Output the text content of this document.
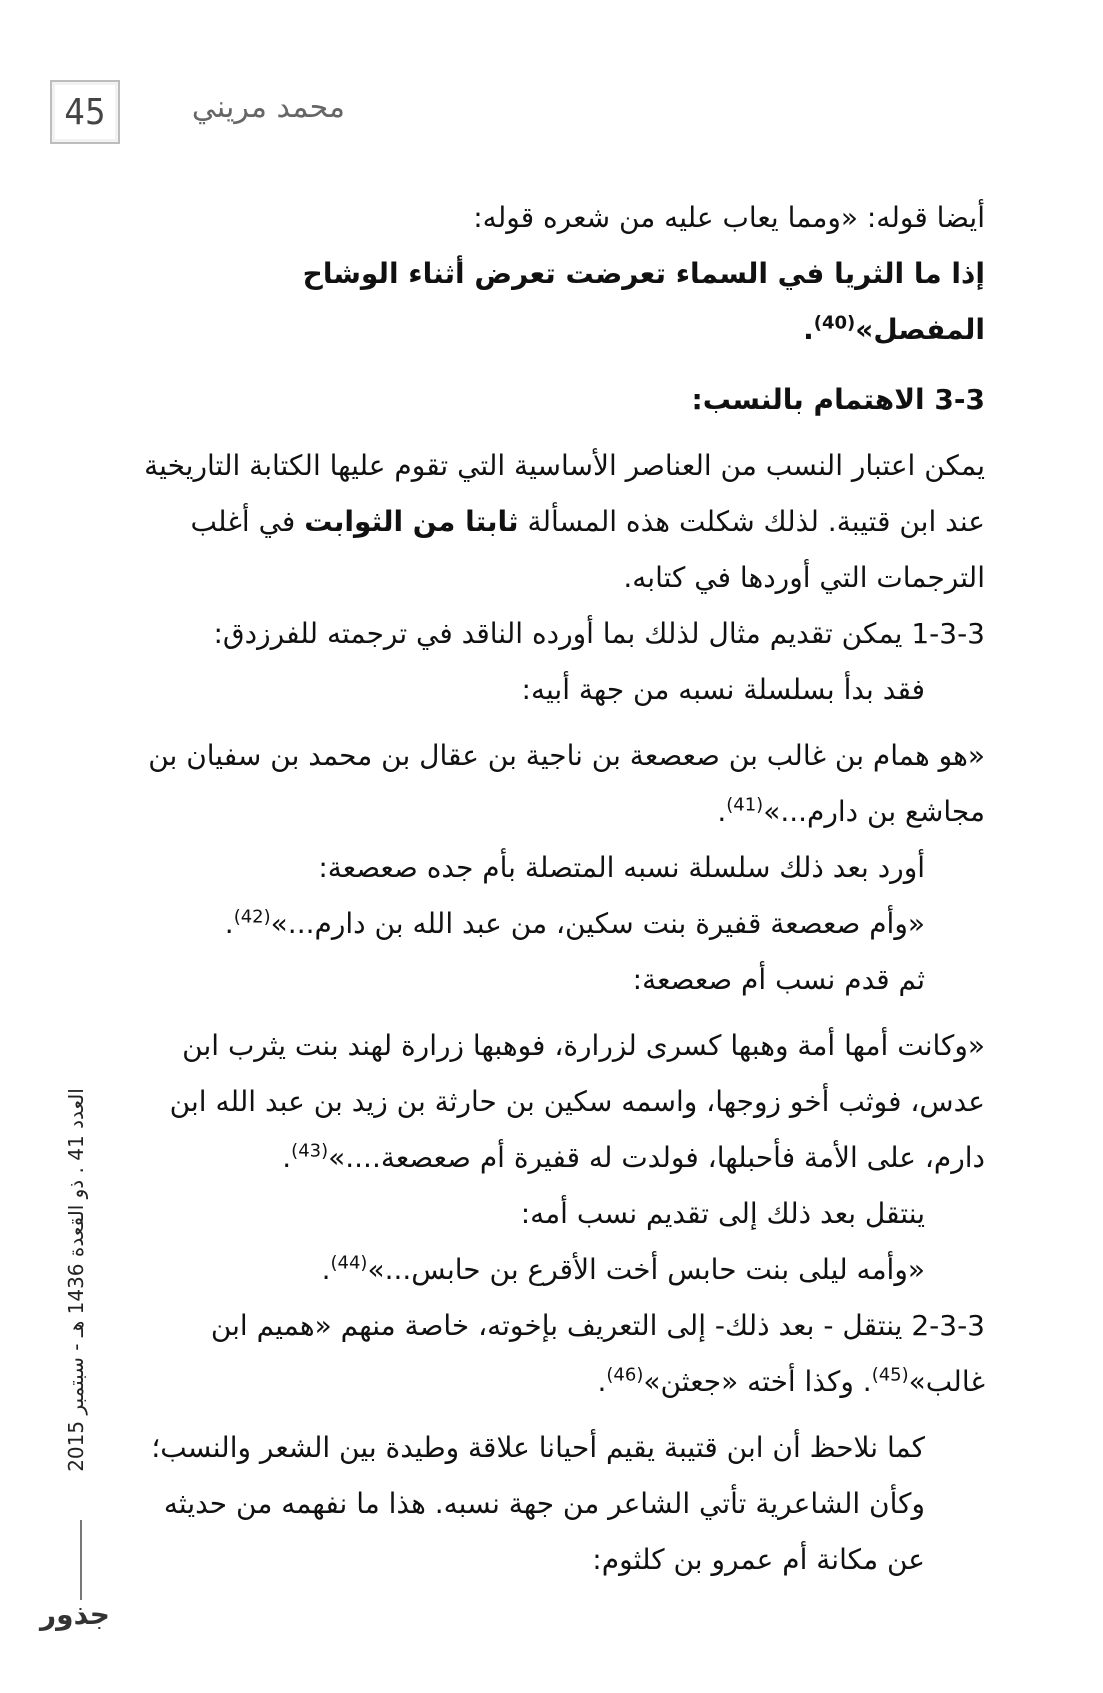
45	محمد مريني

أيضا قوله: «ومما يعاب عليه من شعره قوله:

إذا ما الثريا في السماء تعرضت تعرض أثناء الوشاح المفصل»$^{(40)}$.

3-3 الاهتمام بالنسب:

يمكن اعتبار النسب من العناصر الأساسية التي تقوم عليها الكتابة التاريخية عند ابن قتيبة. لذلك شكلت هذه المسألة ثابتا من الثوابت في أغلب الترجمات التي أوردها في كتابه.

1-3-3 يمكن تقديم مثال لذلك بما أورده الناقد في ترجمته للفرزدق:

فقد بدأ بسلسلة نسبه من جهة أبيه:

«هو همام بن غالب بن صعصعة بن ناجية بن عقال بن محمد بن سفيان بن مجاشع بن دارم...»$^{(41)}$.

أورد بعد ذلك سلسلة نسبه المتصلة بأم جده صعصعة:

«وأم صعصعة قفيرة بنت سكين، من عبد الله بن دارم...»$^{(42)}$.

ثم قدم نسب أم صعصعة:

«وكانت أمها أمة وهبها كسرى لزرارة، فوهبها زرارة لهند بنت يثرب ابن عدس، فوثب أخو زوجها، واسمه سكين بن حارثة بن زيد بن عبد الله ابن دارم، على الأمة فأحبلها، فولدت له قفيرة أم صعصعة....»$^{(43)}$.

ينتقل بعد ذلك إلى تقديم نسب أمه:

«وأمه ليلى بنت حابس أخت الأقرع بن حابس...»$^{(44)}$.

2-3-3 ينتقل - بعد ذلك- إلى التعريف بإخوته، خاصة منهم «هميم ابن غالب»$^{(45)}$. وكذا أخته «جعثن»$^{(46)}$.

كما نلاحظ أن ابن قتيبة يقيم أحيانا علاقة وطيدة بين الشعر والنسب؛ وكأن الشاعرية تأتي الشاعر من جهة نسبه. هذا ما نفهمه من حديثه عن مكانة أم عمرو بن كلثوم:

العدد 41 . ذو القعدة 1436 هـ - سبتمبر 2015
جذور
